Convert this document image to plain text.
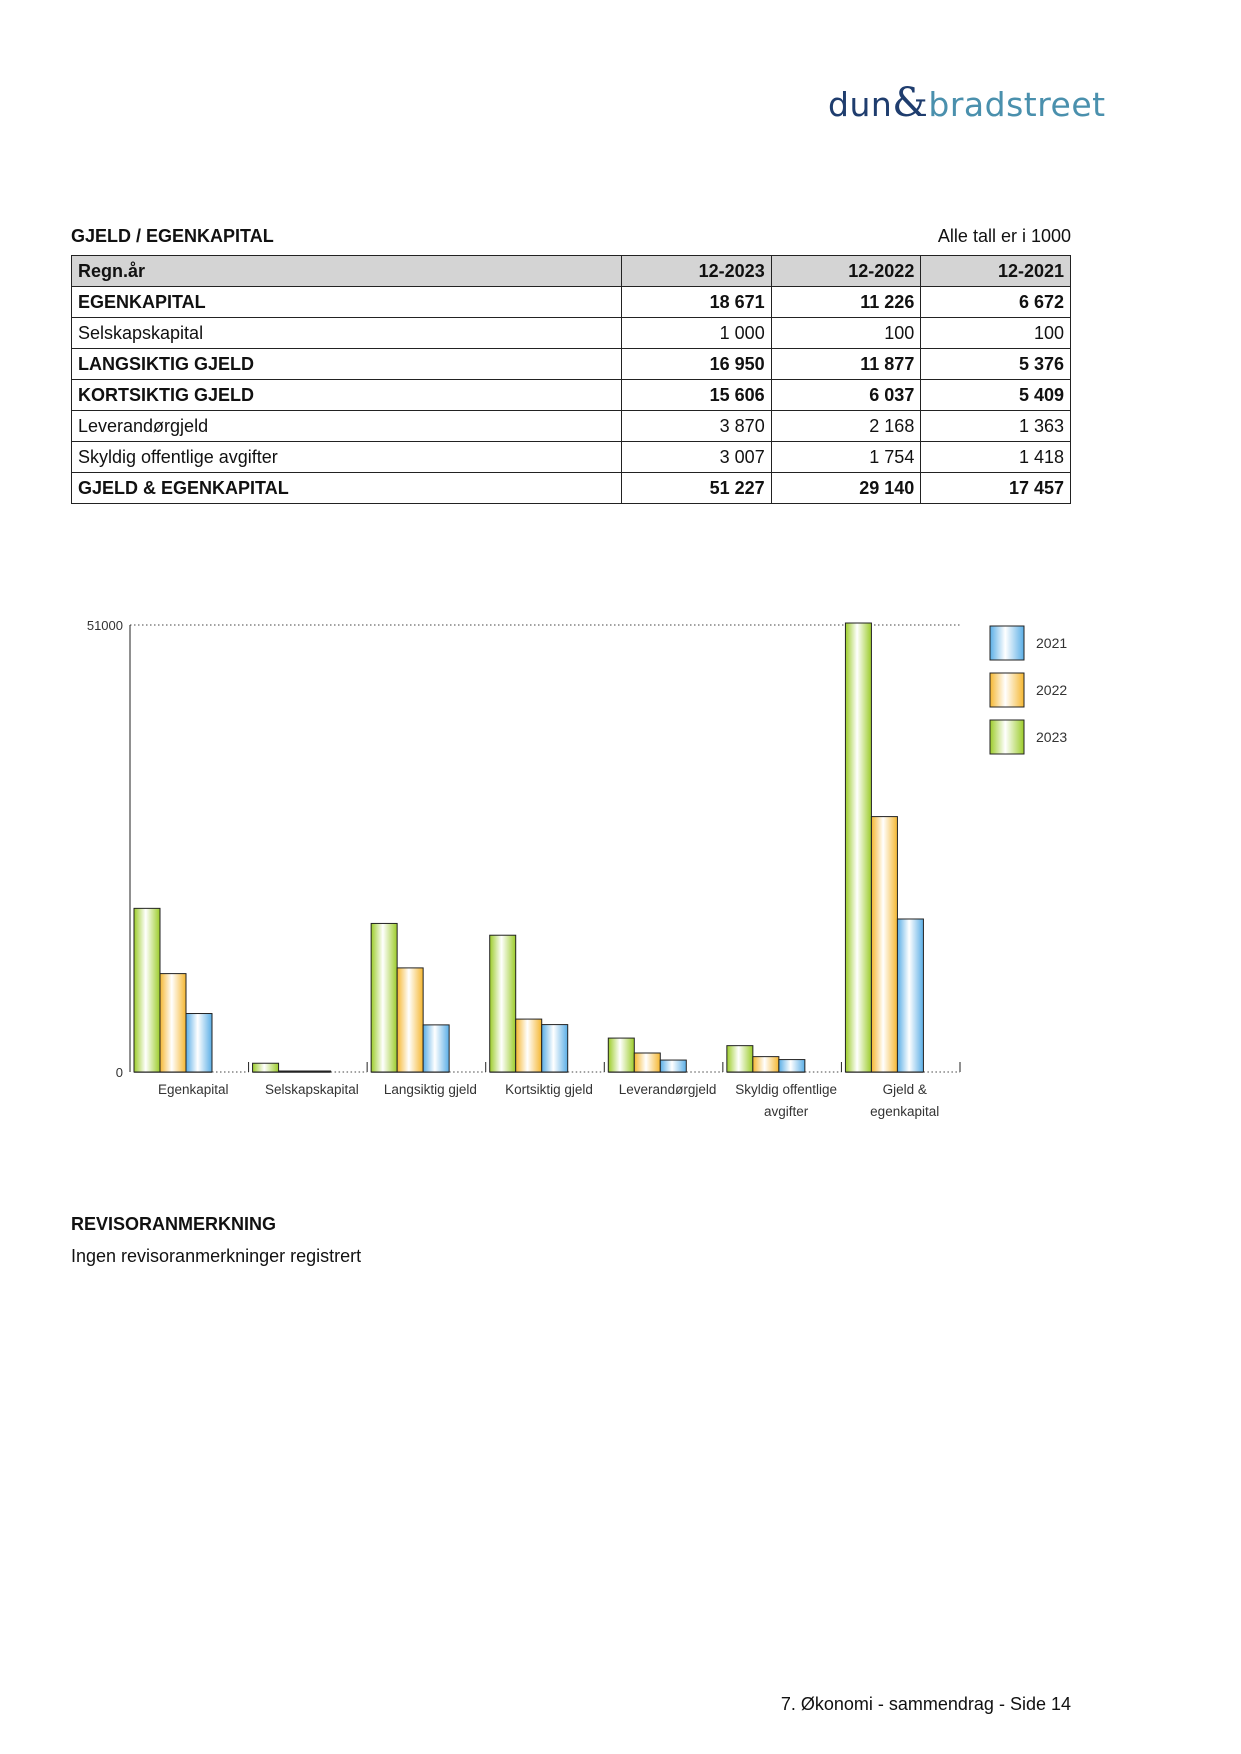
dun&bradstreet
GJELD / EGENKAPITAL	Alle tall er i 1000
Regn.år	12-2023	12-2022	12-2021
EGENKAPITAL	18 671	11 226	6 672
Selskapskapital	1 000	100	100
LANGSIKTIG GJELD	16 950	11 877	5 376
KORTSIKTIG GJELD	15 606	6 037	5 409
Leverandørgjeld	3 870	2 168	1 363
Skyldig offentlige avgifter	3 007	1 754	1 418
GJELD & EGENKAPITAL	51 227	29 140	17 457
0
51000
Egenkapital	Selskapskapital Langsiktig gjeld Kortsiktig gjeld Leverandørgjeld Skyldig offentlige
avgifter
Gjeld &
egenkapital
2021
2022
2023
REVISORANMERKNING
Ingen revisoranmerkninger registrert
7. Økonomi - sammendrag - Side 14
